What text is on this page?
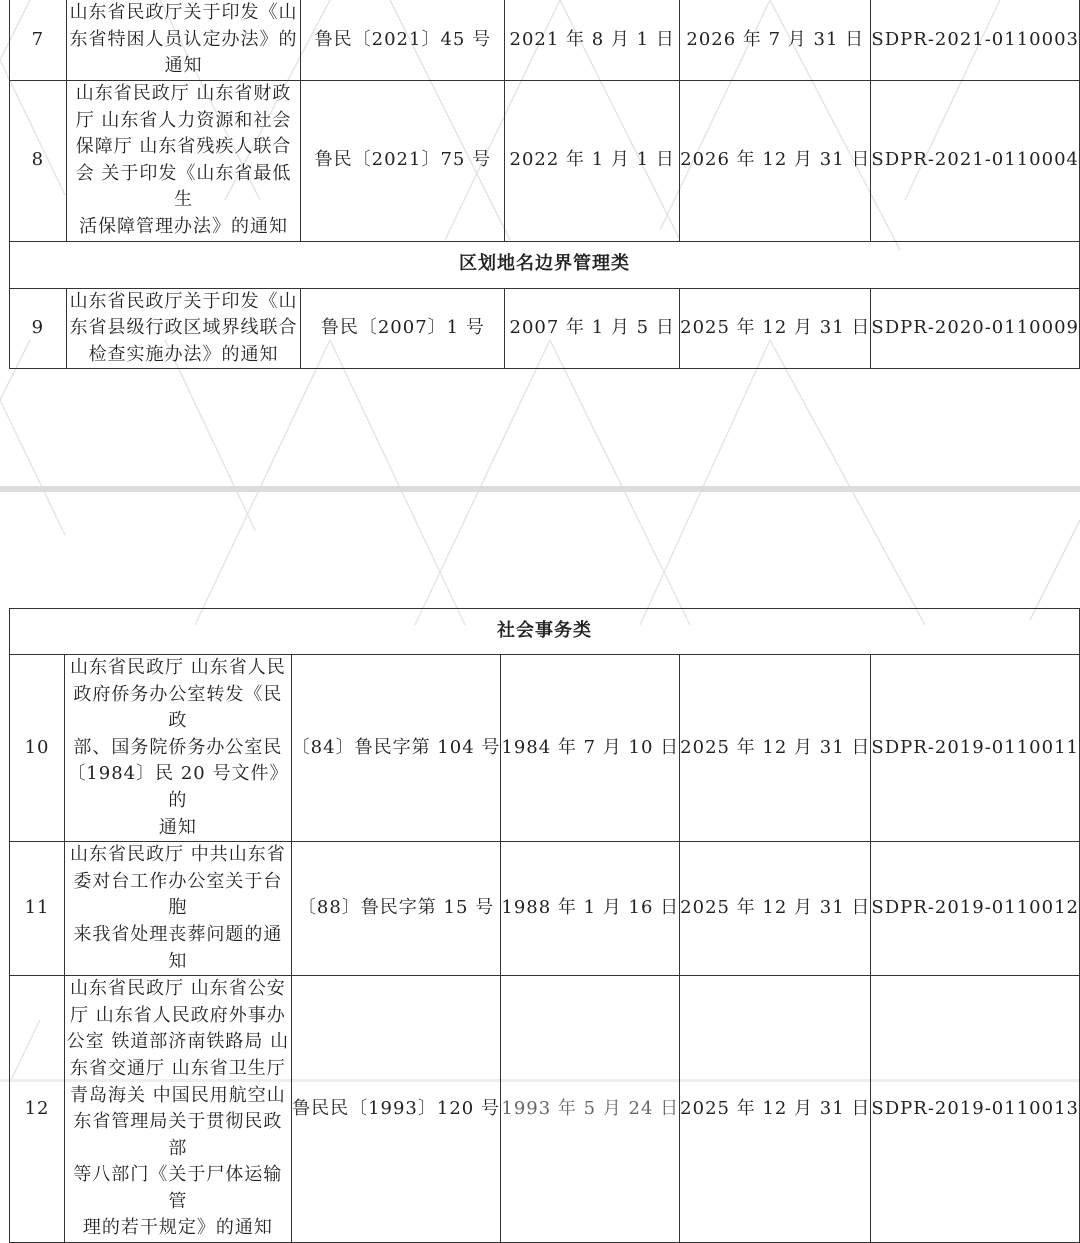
7	山东省民政厅关于印发《山
东省特困人员认定办法》的
通知	鲁民〔2021〕45 号	2021 年 8 月 1 日	2026 年 7 月 31 日	SDPR-2021-0110003
8	山东省民政厅 山东省财政
厅 山东省人力资源和社会
保障厅 山东省残疾人联合
会 关于印发《山东省最低生
活保障管理办法》的通知	鲁民〔2021〕75 号	2022 年 1 月 1 日	2026 年 12 月 31 日	SDPR-2021-0110004
区划地名边界管理类					
9	山东省民政厅关于印发《山
东省县级行政区域界线联合
检查实施办法》的通知	鲁民〔2007〕1 号	2007 年 1 月 5 日	2025 年 12 月 31 日	SDPR-2020-0110009
社会事务类					
10	山东省民政厅 山东省人民
政府侨务办公室转发《民政
部、国务院侨务办公室民
〔1984〕民 20 号文件》的
通知	〔84〕鲁民字第 104 号	1984 年 7 月 10 日	2025 年 12 月 31 日	SDPR-2019-0110011
11	山东省民政厅 中共山东省
委对台工作办公室关于台胞
来我省处理丧葬问题的通知	〔88〕鲁民字第 15 号	1988 年 1 月 16 日	2025 年 12 月 31 日	SDPR-2019-0110012
12	
山东省民政厅 山东省公安
厅 山东省人民政府外事办
公室 铁道部济南铁路局 山
东省交通厅 山东省卫生厅
青岛海关 中国民用航空山
东省管理局关于贯彻民政部
等八部门《关于尸体运输管
理的若干规定》的通知
	鲁民民〔1993〕120 号	1993 年 5 月 24 日	2025 年 12 月 31 日	SDPR-2019-0110013
